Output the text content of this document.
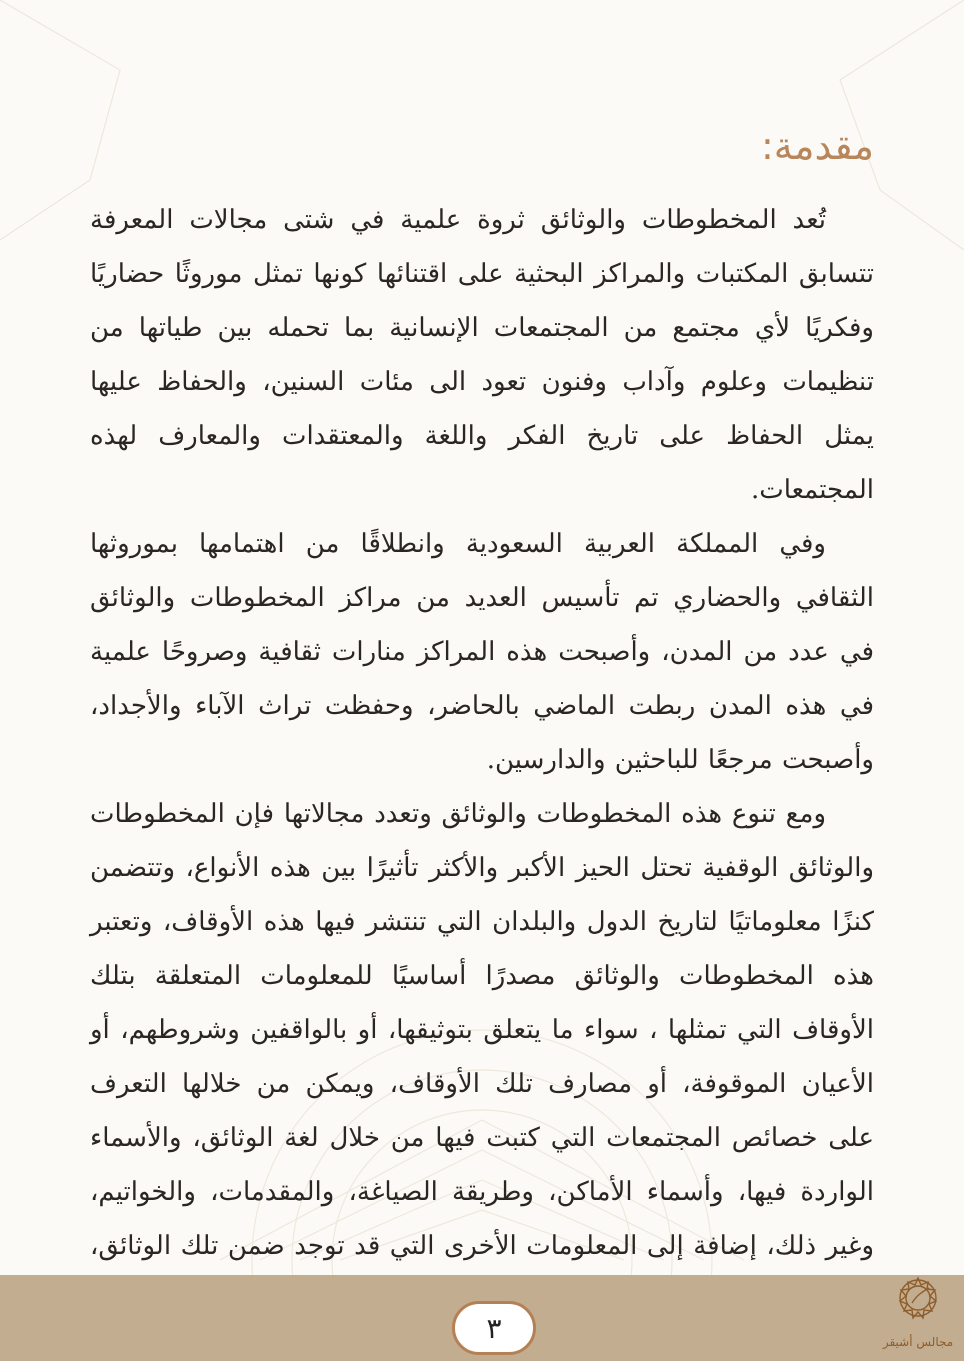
مقدمة:

تُعد المخطوطات والوثائق ثروة علمية في شتى مجالات المعرفة تتسابق المكتبات والمراكز البحثية على اقتنائها كونها تمثل موروثًا حضاريًا وفكريًا لأي مجتمع من المجتمعات الإنسانية بما تحمله بين طياتها من تنظيمات وعلوم وآداب وفنون تعود الى مئات السنين، والحفاظ عليها يمثل الحفاظ على تاريخ الفكر واللغة والمعتقدات والمعارف لهذه المجتمعات.

وفي المملكة العربية السعودية وانطلاقًا من اهتمامها بموروثها الثقافي والحضاري تم تأسيس العديد من مراكز المخطوطات والوثائق في عدد من المدن، وأصبحت هذه المراكز منارات ثقافية وصروحًا علمية في هذه المدن ربطت الماضي بالحاضر، وحفظت تراث الآباء والأجداد، وأصبحت مرجعًا للباحثين والدارسين.

ومع تنوع هذه المخطوطات والوثائق وتعدد مجالاتها فإن المخطوطات والوثائق الوقفية تحتل الحيز الأكبر والأكثر تأثيرًا بين هذه الأنواع، وتتضمن كنزًا معلوماتيًا لتاريخ الدول والبلدان التي تنتشر فيها هذه الأوقاف، وتعتبر هذه المخطوطات والوثائق مصدرًا أساسيًا للمعلومات المتعلقة بتلك الأوقاف التي تمثلها ، سواء ما يتعلق بتوثيقها، أو بالواقفين وشروطهم، أو الأعيان الموقوفة، أو مصارف تلك الأوقاف، ويمكن من خلالها التعرف على خصائص المجتمعات التي كتبت فيها من خلال لغة الوثائق، والأسماء الواردة فيها، وأسماء الأماكن، وطريقة الصياغة، والمقدمات، والخواتيم، وغير ذلك، إضافة إلى المعلومات الأخرى التي قد توجد ضمن تلك الوثائق،

٣	مجالس أشيقر
